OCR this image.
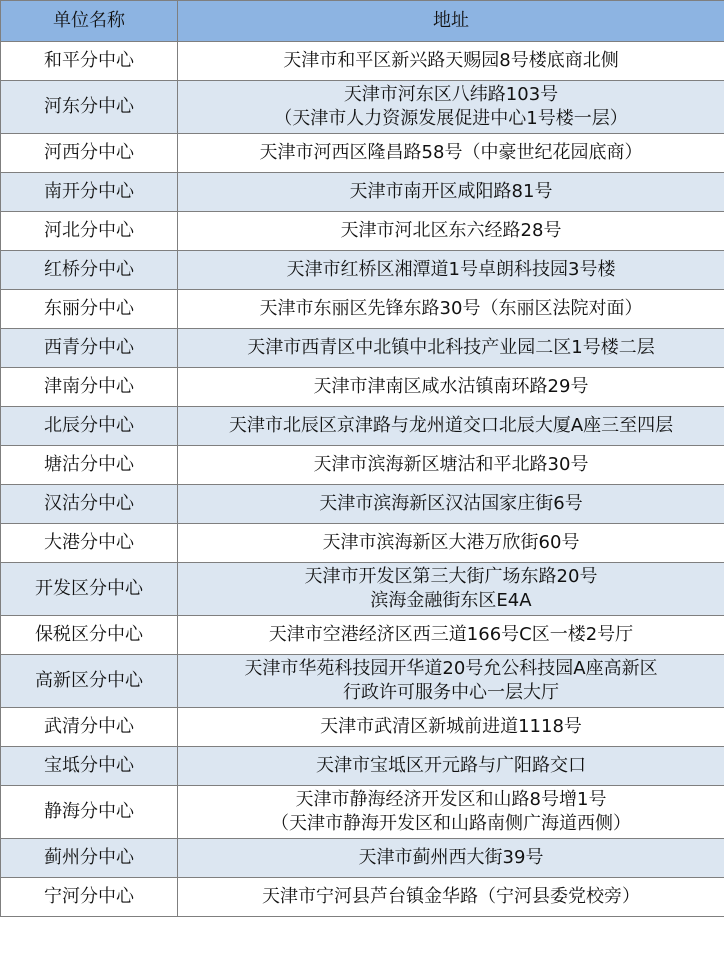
单位名称	地址
和平分中心	天津市和平区新兴路天赐园8号楼底商北侧

河东分中心	天津市河东区八纬路103号
（天津市人力资源发展促进中心1号楼一层）

河西分中心	天津市河西区隆昌路58号（中豪世纪花园底商）

南开分中心	天津市南开区咸阳路81号

河北分中心	天津市河北区东六经路28号

红桥分中心	天津市红桥区湘潭道1号卓朗科技园3号楼

东丽分中心	天津市东丽区先锋东路30号（东丽区法院对面）

西青分中心	天津市西青区中北镇中北科技产业园二区1号楼二层

津南分中心	天津市津南区咸水沽镇南环路29号

北辰分中心	天津市北辰区京津路与龙州道交口北辰大厦A座三至四层

塘沽分中心	天津市滨海新区塘沽和平北路30号

汉沽分中心	天津市滨海新区汉沽国家庄街6号

大港分中心	天津市滨海新区大港万欣街60号

开发区分中心	天津市开发区第三大街广场东路20号
滨海金融街东区E4A

保税区分中心	天津市空港经济区西三道166号C区一楼2号厅

高新区分中心	天津市华苑科技园开华道20号允公科技园A座高新区
行政许可服务中心一层大厅

武清分中心	天津市武清区新城前进道1118号

宝坻分中心	天津市宝坻区开元路与广阳路交口

静海分中心	天津市静海经济开发区和山路8号增1号
（天津市静海开发区和山路南侧广海道西侧）

蓟州分中心	天津市蓟州西大街39号

宁河分中心	天津市宁河县芦台镇金华路（宁河县委党校旁）
